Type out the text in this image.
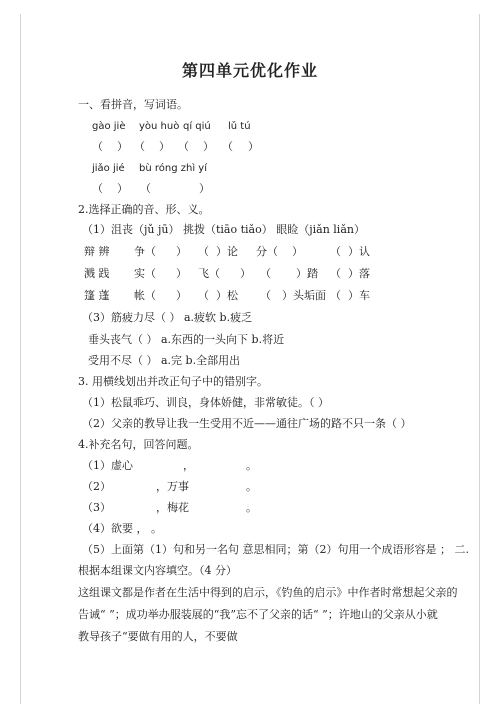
第四单元优化作业
一、看拼音，写词语。
gào jiè yòu huò qí qiú lǔ tú
（ ） （ ） （ ） （ ）
jiǎo jié bù róng zhì yí
（ ） （	）
2.选择正确的音、形、义。
（1）沮丧（jǔ jū） 挑拨（tiāo tiǎo） 眼睑（jiǎn liǎn）
辩 辨 争（ ） （ ）论 分（ ） （ ）认
溅 践 实（ ） 飞（ ） （ ）踏 （ ）落
篷 蓬 帐（ ） （ ）松 （ ）头垢面 （ ）车
（3）筋疲力尽（ ） a.疲软 b.疲乏
垂头丧气（ ） a.东西的一头向下 b.将近
受用不尽（ ） a.完 b.全部用出
3. 用横线划出并改正句子中的错别字。
（1）松鼠乖巧、训良，身体娇健，非常敏徒。（ ）
（2）父亲的教导让我一生受用不近——通往广场的路不只一条（ ）
4.补充名句，回答问题。
（1）虚心	，	。
（2）	，万事	。
（3）	，梅花	。
（4）欲要 ， 。
（5）上面第（1）句和另一名句 意思相同；第（2）句用一个成语形容是 ； 二.
根据本组课文内容填空。（4 分）
这组课文都是作者在生活中得到的启示，《钓鱼的启示》中作者时常想起父亲的
告诫“ ”；成功举办服装展的“我”忘不了父亲的话“ ”；许地山的父亲从小就
教导孩子“要做有用的人，不要做
